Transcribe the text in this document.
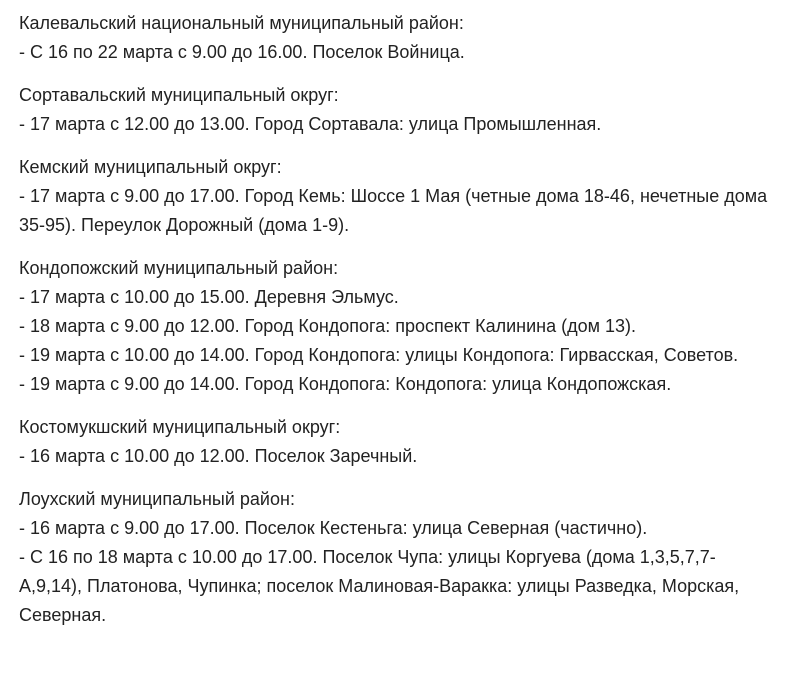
Калевальский национальный муниципальный район:
- С 16 по 22 марта с 9.00 до 16.00. Поселок Войница.
Сортавальский муниципальный округ:
- 17 марта с 12.00 до 13.00. Город Сортавала: улица Промышленная.
Кемский муниципальный округ:
- 17 марта с 9.00 до 17.00. Город Кемь: Шоссе 1 Мая (четные дома 18-46, нечетные дома 35-95). Переулок Дорожный (дома 1-9).
Кондопожский муниципальный район:
- 17 марта с 10.00 до 15.00. Деревня Эльмус.
- 18 марта с 9.00 до 12.00. Город Кондопога: проспект Калинина (дом 13).
- 19 марта с 10.00 до 14.00. Город Кондопога: улицы Кондопога: Гирвасская, Советов.
- 19 марта с 9.00 до 14.00. Город Кондопога: Кондопога: улица Кондопожская.
Костомукшский муниципальный округ:
- 16 марта с 10.00 до 12.00. Поселок Заречный.
Лоухский муниципальный район:
- 16 марта с 9.00 до 17.00. Поселок Кестеньга: улица Северная (частично).
- С 16 по 18 марта с 10.00 до 17.00. Поселок Чупа: улицы Коргуева (дома 1,3,5,7,7-А,9,14), Платонова, Чупинка; поселок Малиновая-Варакка: улицы Разведка, Морская, Северная.
